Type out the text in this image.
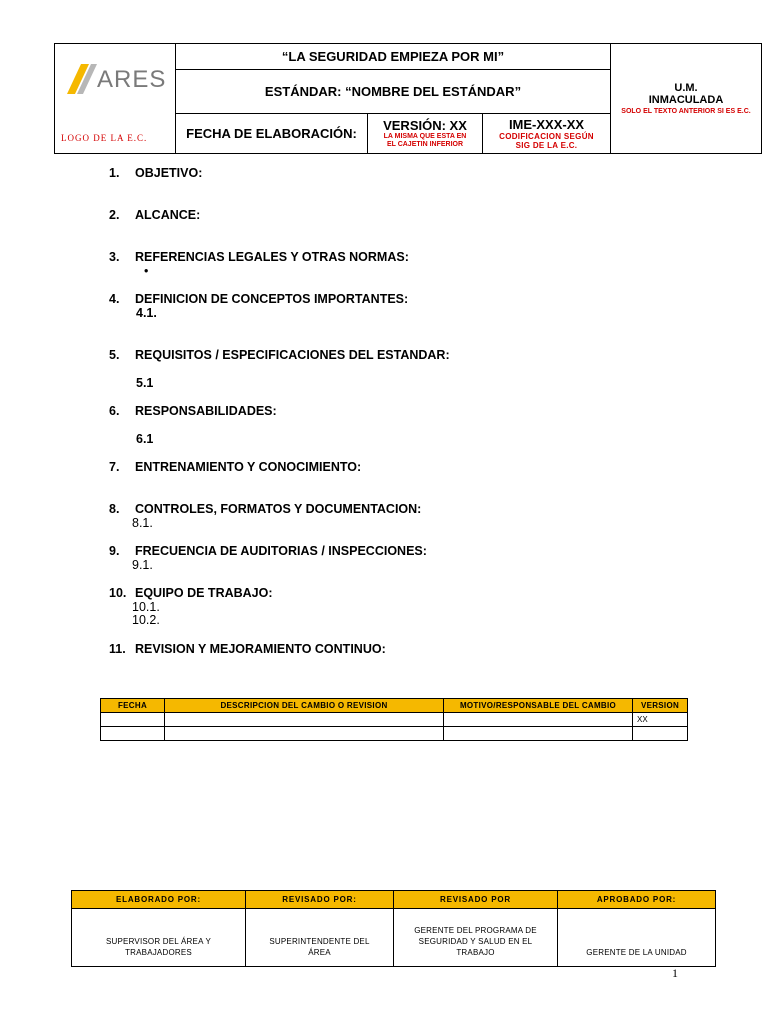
ARES
LOGO DE LA E.C.
	“LA SEGURIDAD EMPIEZA POR MI”	
U.M.
INMACULADA
SOLO EL TEXTO ANTERIOR SI ES E.C.

ESTÁNDAR: “NOMBRE DEL ESTÁNDAR”

FECHA DE ELABORACIÓN:
VERSIÓN: XX
LA MISMA QUE ESTA EN EL CAJETIN INFERIOR
IME-XXX-XX
CODIFICACION SEGÚN SIG DE LA E.C.
1. OBJETIVO:
2. ALCANCE:
3. REFERENCIAS LEGALES Y OTRAS NORMAS:
•
4. DEFINICION DE CONCEPTOS IMPORTANTES:
4.1.
5. REQUISITOS / ESPECIFICACIONES DEL ESTANDAR:
5.1
6. RESPONSABILIDADES:
6.1
7. ENTRENAMIENTO Y CONOCIMIENTO:
8. CONTROLES, FORMATOS Y DOCUMENTACION:
8.1.
9. FRECUENCIA DE AUDITORIAS / INSPECCIONES:
9.1.
10. EQUIPO DE TRABAJO:
10.1.
10.2.
11. REVISION Y MEJORAMIENTO CONTINUO:
FECHA	DESCRIPCION DEL CAMBIO O REVISION	MOTIVO/RESPONSABLE DEL CAMBIO	VERSION
			XX

ELABORADO POR:	REVISADO POR:	REVISADO POR	APROBADO POR:
SUPERVISOR DEL ÁREA Y TRABAJADORES	SUPERINTENDENTE DEL ÁREA	GERENTE DEL PROGRAMA DE SEGURIDAD Y SALUD EN EL TRABAJO	GERENTE DE LA UNIDAD
1
